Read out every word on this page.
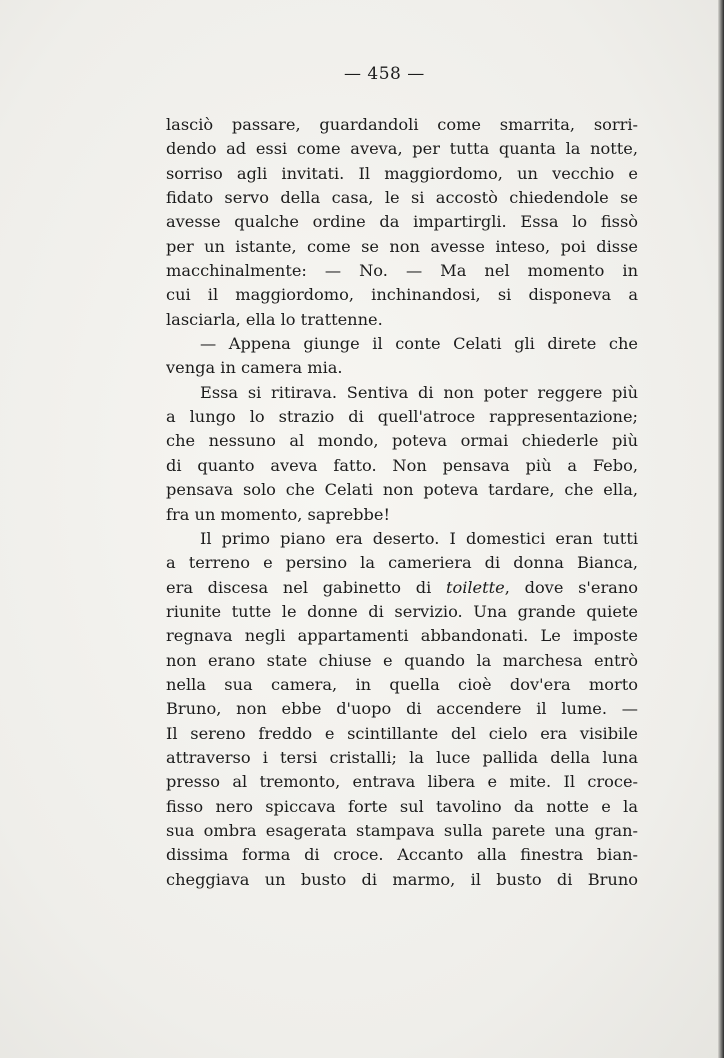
— 458 —
lasciò passare, guardandoli come smarrita, sorri-
dendo ad essi come aveva, per tutta quanta la notte,
sorriso agli invitati. Il maggiordomo, un vecchio e
fidato servo della casa, le si accostò chiedendole se
avesse qualche ordine da impartirgli. Essa lo fissò
per un istante, come se non avesse inteso, poi disse
macchinalmente: — No. — Ma nel momento in
cui il maggiordomo, inchinandosi, si disponeva a
lasciarla, ella lo trattenne.
— Appena giunge il conte Celati gli direte che
venga in camera mia.
Essa si ritirava. Sentiva di non poter reggere più
a lungo lo strazio di quell'atroce rappresentazione;
che nessuno al mondo, poteva ormai chiederle più
di quanto aveva fatto. Non pensava più a Febo,
pensava solo che Celati non poteva tardare, che ella,
fra un momento, saprebbe!
Il primo piano era deserto. I domestici eran tutti
a terreno e persino la cameriera di donna Bianca,
era discesa nel gabinetto di toilette, dove s'erano
riunite tutte le donne di servizio. Una grande quiete
regnava negli appartamenti abbandonati. Le imposte
non erano state chiuse e quando la marchesa entrò
nella sua camera, in quella cioè dov'era morto
Bruno, non ebbe d'uopo di accendere il lume. —
Il sereno freddo e scintillante del cielo era visibile
attraverso i tersi cristalli; la luce pallida della luna
presso al tremonto, entrava libera e mite. Il croce-
fisso nero spiccava forte sul tavolino da notte e la
sua ombra esagerata stampava sulla parete una gran-
dissima forma di croce. Accanto alla finestra bian-
cheggiava un busto di marmo, il busto di Bruno
